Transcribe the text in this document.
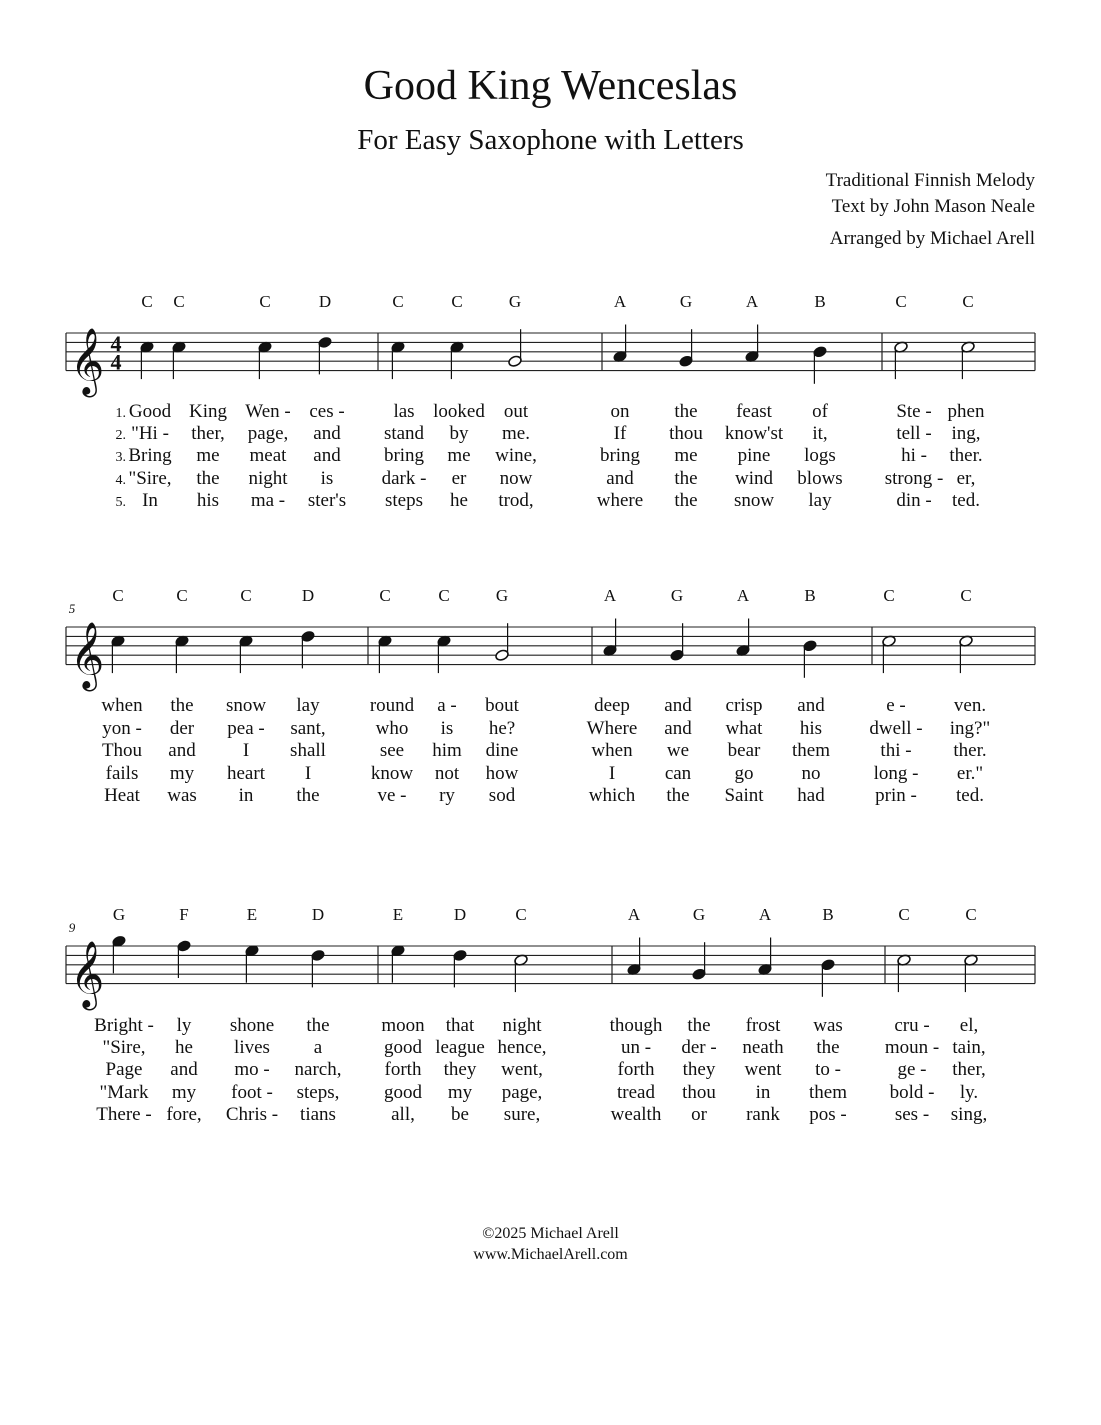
Good King Wenceslas
For Easy Saxophone with Letters
Traditional Finnish Melody
Text by John Mason Neale
Arranged by Michael Arell
𝄞 4
4
C C	C	D	C	C	G	A	G	A	B	C	C
1.
2.
3.
4.
5.
Good King Wen - ces -	las looked out	on the feast of	Ste - phen
"Hi - ther, page, and stand by me.	If thou know'st it,	tell - ing,
Bring me meat and bring me wine,	bring me pine logs	hi - ther.
"Sire, the night is	dark - er now	and the wind blows strong - er,
In his ma - ster's steps he trod,	where the snow lay	din - ted.
𝄞
5
C	C	C	D	C	C	G	A	G	A	B	C	C
when the snow lay	round a - bout	deep and crisp and	e -	ven.
yon - der pea - sant,	who is he?	Where and what his dwell - ing?"
Thou and I shall	see him dine	when we bear them	thi - ther.
fails my heart I	know not how	I	can go	no	long - er."
Heat was in the	ve - ry sod	which the Saint had	prin - ted.
𝄞
9
G	F	E	D	E	D	C	A	G	A	B	C	C
Bright - ly shone the	moon that night	though the frost was	cru - el,
"Sire, he lives a	good league hence,	un - der - neath the moun - tain,
Page and mo - narch, forth they went,	forth they went to -	ge - ther,
"Mark my foot - steps, good my page,	tread thou in them bold - ly.
There - fore, Chris - tians	all, be sure,	wealth or rank pos -	ses - sing,
©2025 Michael Arell
www.MichaelArell.com
